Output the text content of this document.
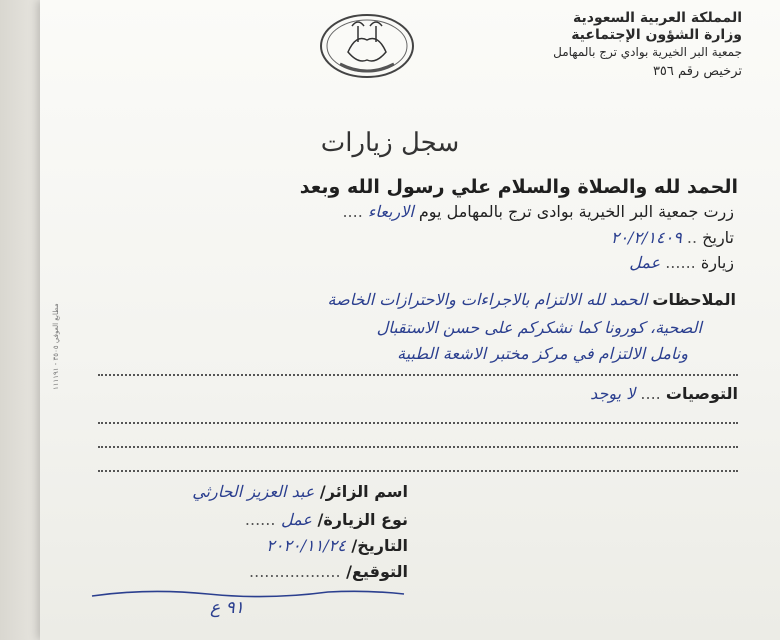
مطابع العوفي ٣٥٠٥ - ١١١١٩١
المملكة العربية السعودية
وزارة الشؤون الإجتماعية
جمعية البر الخيرية بوادي ترج بالمهامل
ترخيص رقم ٣٥٦
سجل زيارات
الحمد لله والصلاة والسلام علي رسول الله وبعد
زرت جمعية البر الخيرية بوادى ترج بالمهامل يوم الاربعاء ....
تاريخ .. ٢٠/٢/١٤٠٩
زيارة ...... عمل
الملاحظات الحمد لله الالتزام بالاجراءات والاحترازات الخاصة
الصحية، كورونا كما نشكركم على حسن الاستقبال
ونامل الالتزام في مركز مختبر الاشعة الطبية
التوصيات .... لا يوجد
اسم الزائر/ عبد العزيز الحارثي
نوع الزيارة/ عمل ......
التاريخ/ ٢٠٢٠/١١/٢٤
التوقيع/ ..................
٩١ ع
